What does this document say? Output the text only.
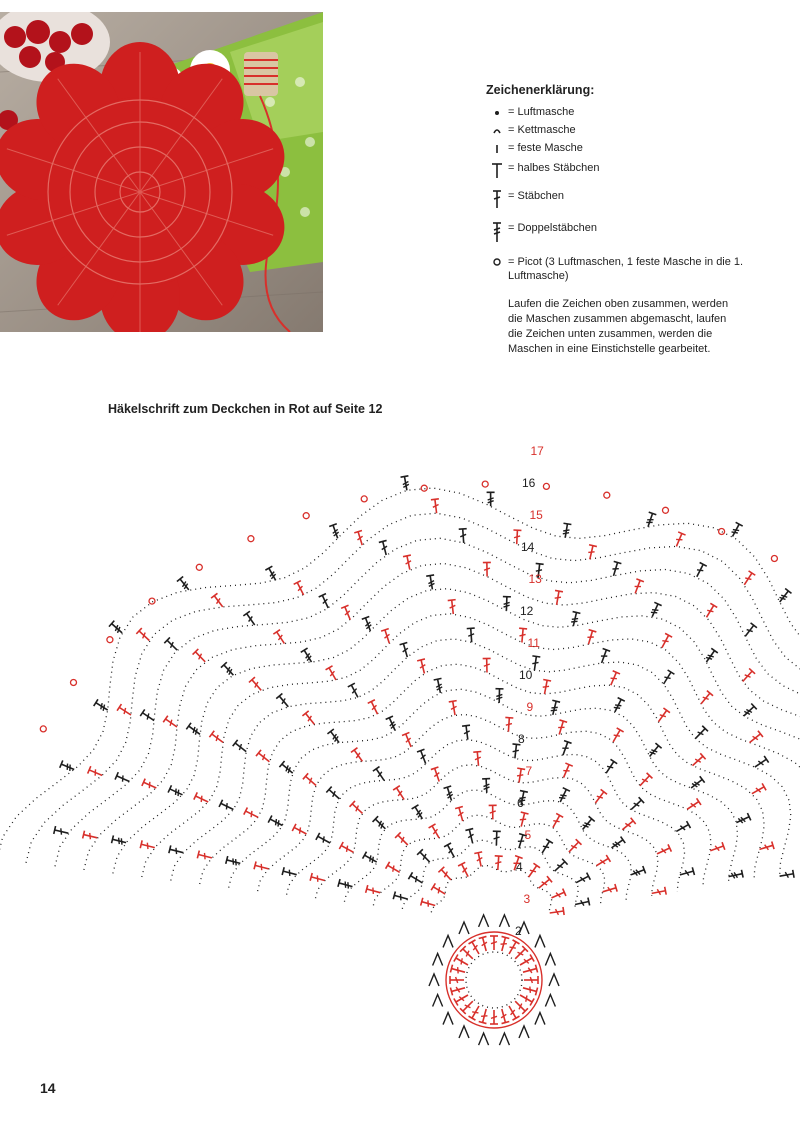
Zeichenerklärung:
= Luftmasche
= Kettmasche
= feste Masche
= halbes Stäbchen
= Stäbchen
= Doppelstäbchen
= Picot (3 Luftmaschen, 1 feste Masche in die 1. Luftmasche)
Laufen die Zeichen oben zusammen, werden die Maschen zusammen abgemascht, laufen die Zeichen unten zusammen, werden die Maschen in eine Einstichstelle gearbeitet.
Häkelschrift zum Deckchen in Rot auf Seite 12
2
3
4
5
6
7
8
9
10
11
12
13
14
15
16
17
14
